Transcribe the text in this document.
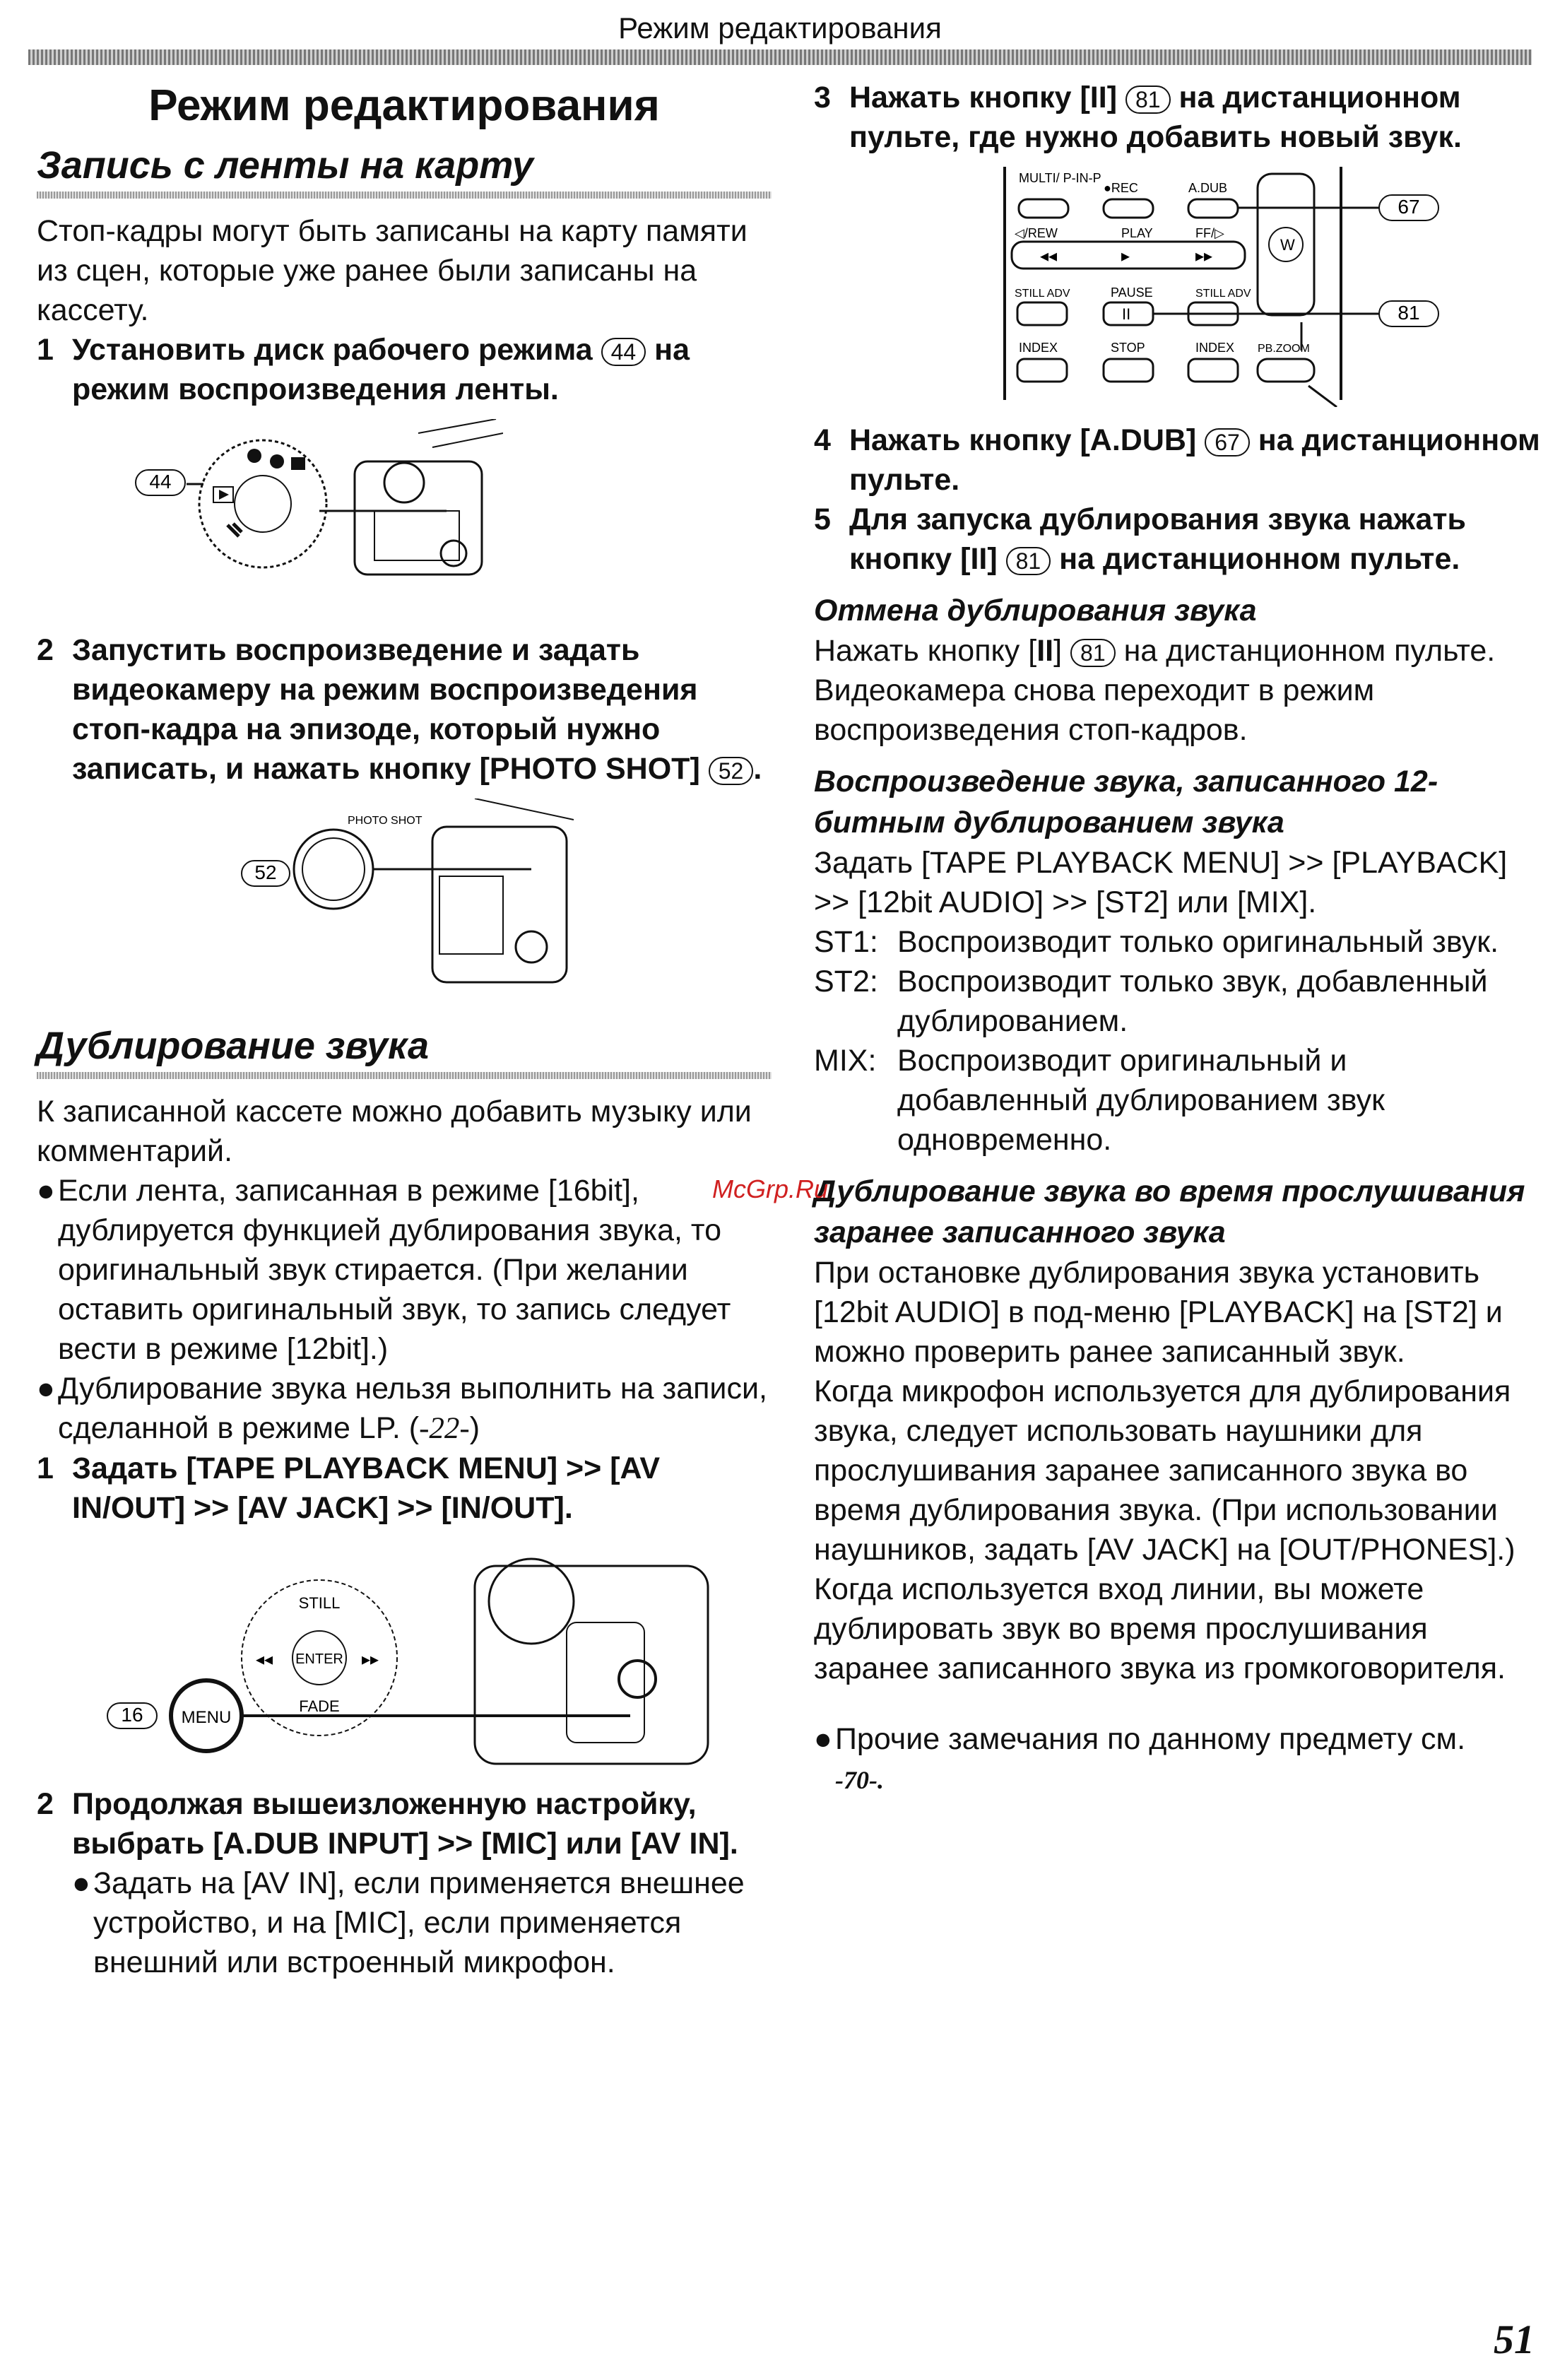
Режим редактирования
Режим редактирования
Запись с ленты на карту

Стоп-кадры могут быть записаны на карту памяти из сцен, которые уже ранее были записаны на кассету.

1 Установить диск рабочего режима 44 на режим воспроизведения ленты.
44
2 Запустить воспроизведение и задать видеокамеру на режим воспроизведения стоп-кадра на эпизоде, который нужно записать, и нажать кнопку [PHOTO SHOT] 52 .
52
PHOTO SHOT
Дублирование звука

К записанной кассете можно добавить музыку или комментарий.

● Если лента, записанная в режиме [16bit], дублируется функцией дублирования звука, то оригинальный звук стирается. (При желании оставить оригинальный звук, то запись следует вести в режиме [12bit].)
● Дублирование звука нельзя выполнить на записи, сделанной в режиме LP. (-22-)
1 Задать [TAPE PLAYBACK MENU] >> [AV IN/OUT] >> [AV JACK] >> [IN/OUT].
16 MENU
STILL
ENTER
FADE
◂◂	▸▸
2 Продолжая вышеизложенную настройку, выбрать [A.DUB INPUT] >> [MIC] или [AV IN].
● Задать на [AV IN], если применяется внешнее устройство, и на [MIC], если применяется внешний или встроенный микрофон.
3 Нажать кнопку [II] 81 на дистанционном пульте, где нужно добавить новый звук.
MULTI/ P-IN-P
●REC	A.DUB
◁/REW	PLAY	FF/▷
◂◂	▸	▸▸
W
STILL ADV	PAUSE	STILL ADV
II
INDEX	STOP	INDEX PB.ZOOM
67
81
4 Нажать кнопку [A.DUB] 67 на дистанционном пульте.
5 Для запуска дублирования звука нажать кнопку [II] 81 на дистанционном пульте.
Отмена дублирования звука

Нажать кнопку [II] 81 на дистанционном пульте.

Видеокамера снова переходит в режим воспроизведения стоп-кадров.

Воспроизведение звука, записанного 12-битным дублированием звука

Задать [TAPE PLAYBACK MENU] >> [PLAYBACK] >> [12bit AUDIO] >> [ST2] или [MIX].

ST1: Воспроизводит только оригинальный звук.
ST2: Воспроизводит только звук, добавленный дублированием.
MIX: Воспроизводит оригинальный и добавленный дублированием звук одновременно.
Дублирование звука во время прослушивания заранее записанного звука

При остановке дублирования звука установить [12bit AUDIO] в под-меню [PLAYBACK] на [ST2] и можно проверить ранее записанный звук.

Когда микрофон используется для дублирования звука, следует использовать наушники для прослушивания заранее записанного звука во время дублирования звука. (При использовании наушников, задать [AV JACK] на [OUT/PHONES].) Когда используется вход линии, вы можете дублировать звук во время прослушивания заранее записанного звука из громкоговорителя.

● Прочие замечания по данному предмету см.
-70-.
McGrp.Ru
51
